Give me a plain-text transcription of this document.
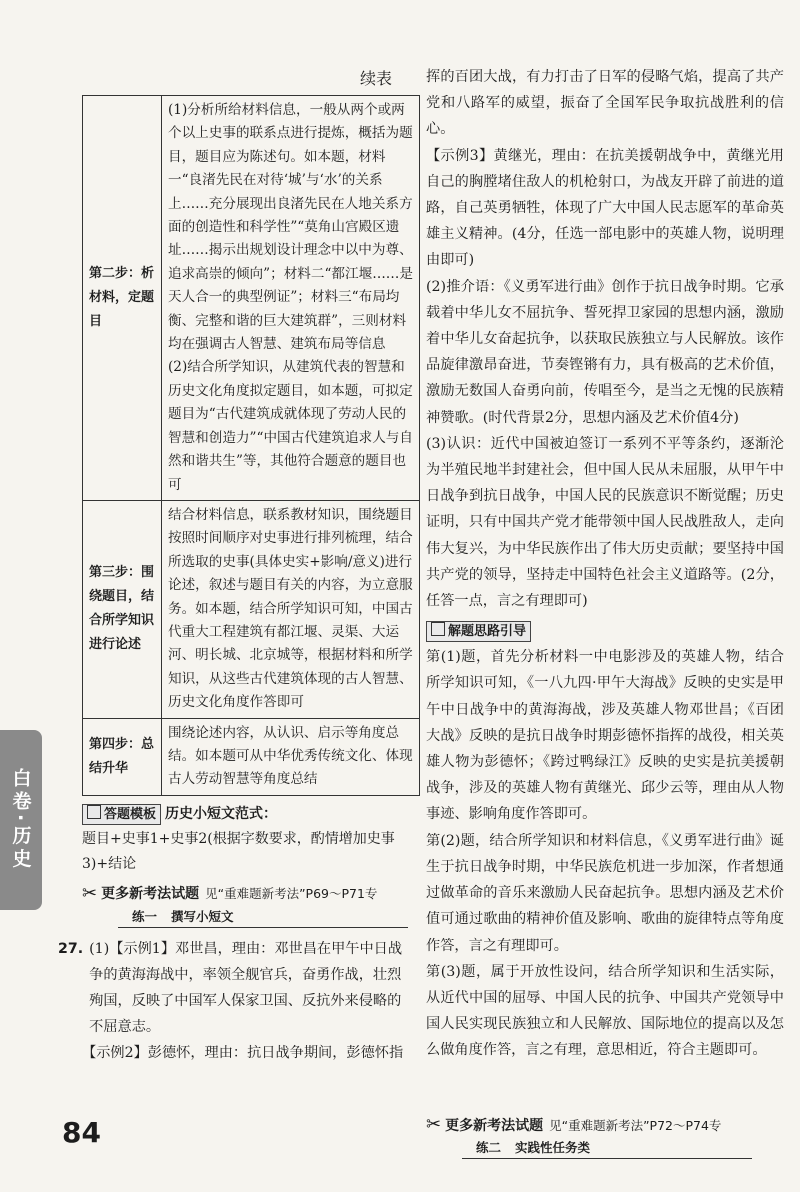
白卷·历史
续表
第二步：析材料，定题目	(1)分析所给材料信息，一般从两个或两个以上史事的联系点进行提炼，概括为题目，题目应为陈述句。如本题，材料一“良渚先民在对待‘城’与‘水’的关系上……充分展现出良渚先民在人地关系方面的创造性和科学性”“莫角山宫殿区遗址……揭示出规划设计理念中以中为尊、追求高崇的倾向”；材料二“都江堰……是天人合一的典型例证”；材料三“布局均衡、完整和谐的巨大建筑群”，三则材料均在强调古人智慧、建筑布局等信息

(2)结合所学知识，从建筑代表的智慧和历史文化角度拟定题目，如本题，可拟定题目为“古代建筑成就体现了劳动人民的智慧和创造力”“中国古代建筑追求人与自然和谐共生”等，其他符合题意的题目也可

第三步：围绕题目，结合所学知识进行论述	结合材料信息，联系教材知识，围绕题目按照时间顺序对史事进行排列梳理，结合所选取的史事(具体史实+影响/意义)进行论述，叙述与题目有关的内容，为立意服务。如本题，结合所学知识可知，中国古代重大工程建筑有都江堰、灵渠、大运河、明长城、北京城等，根据材料和所学知识，从这些古代建筑体现的古人智慧、历史文化角度作答即可

第四步：总结升华	围绕论述内容，从认识、启示等角度总结。如本题可从中华优秀传统文化、体现古人劳动智慧等角度总结

答题模板 历史小短文范式：
题目+史事1+史事2(根据字数要求，酌情增加史事3)+结论
✂ 更多新考法试题 见“重难题新考法”P69～P71专
练一 撰写小短文
27. (1)【示例1】邓世昌，理由：邓世昌在甲午中日战争的黄海海战中，率领全舰官兵，奋勇作战，壮烈殉国，反映了中国军人保家卫国、反抗外来侵略的不屈意志。

【示例2】彭德怀，理由：抗日战争期间，彭德怀指

挥的百团大战，有力打击了日军的侵略气焰，提高了共产党和八路军的威望，振奋了全国军民争取抗战胜利的信心。

【示例3】黄继光，理由：在抗美援朝战争中，黄继光用自己的胸膛堵住敌人的机枪射口，为战友开辟了前进的道路，自己英勇牺牲，体现了广大中国人民志愿军的革命英雄主义精神。(4分，任选一部电影中的英雄人物，说明理由即可)

(2)推介语：《义勇军进行曲》创作于抗日战争时期。它承载着中华儿女不屈抗争、誓死捍卫家园的思想内涵，激励着中华儿女奋起抗争，以获取民族独立与人民解放。该作品旋律激昂奋进，节奏铿锵有力，具有极高的艺术价值，激励无数国人奋勇向前，传唱至今，是当之无愧的民族精神赞歌。(时代背景2分，思想内涵及艺术价值4分)

(3)认识：近代中国被迫签订一系列不平等条约，逐渐沦为半殖民地半封建社会，但中国人民从未屈服，从甲午中日战争到抗日战争，中国人民的民族意识不断觉醒；历史证明，只有中国共产党才能带领中国人民战胜敌人，走向伟大复兴，为中华民族作出了伟大历史贡献；要坚持中国共产党的领导，坚持走中国特色社会主义道路等。(2分，任答一点，言之有理即可)

解题思路引导

第(1)题，首先分析材料一中电影涉及的英雄人物，结合所学知识可知，《一八九四·甲午大海战》反映的史实是甲午中日战争中的黄海海战，涉及英雄人物邓世昌；《百团大战》反映的是抗日战争时期彭德怀指挥的战役，相关英雄人物为彭德怀；《跨过鸭绿江》反映的史实是抗美援朝战争，涉及的英雄人物有黄继光、邱少云等，理由从人物事迹、影响角度作答即可。

第(2)题，结合所学知识和材料信息，《义勇军进行曲》诞生于抗日战争时期，中华民族危机进一步加深，作者想通过做革命的音乐来激励人民奋起抗争。思想内涵及艺术价值可通过歌曲的精神价值及影响、歌曲的旋律特点等角度作答，言之有理即可。

第(3)题，属于开放性设问，结合所学知识和生活实际，从近代中国的屈辱、中国人民的抗争、中国共产党领导中国人民实现民族独立和人民解放、国际地位的提高以及怎么做角度作答，言之有理，意思相近，符合主题即可。

✂ 更多新考法试题 见“重难题新考法”P72～P74专
练二 实践性任务类
84
